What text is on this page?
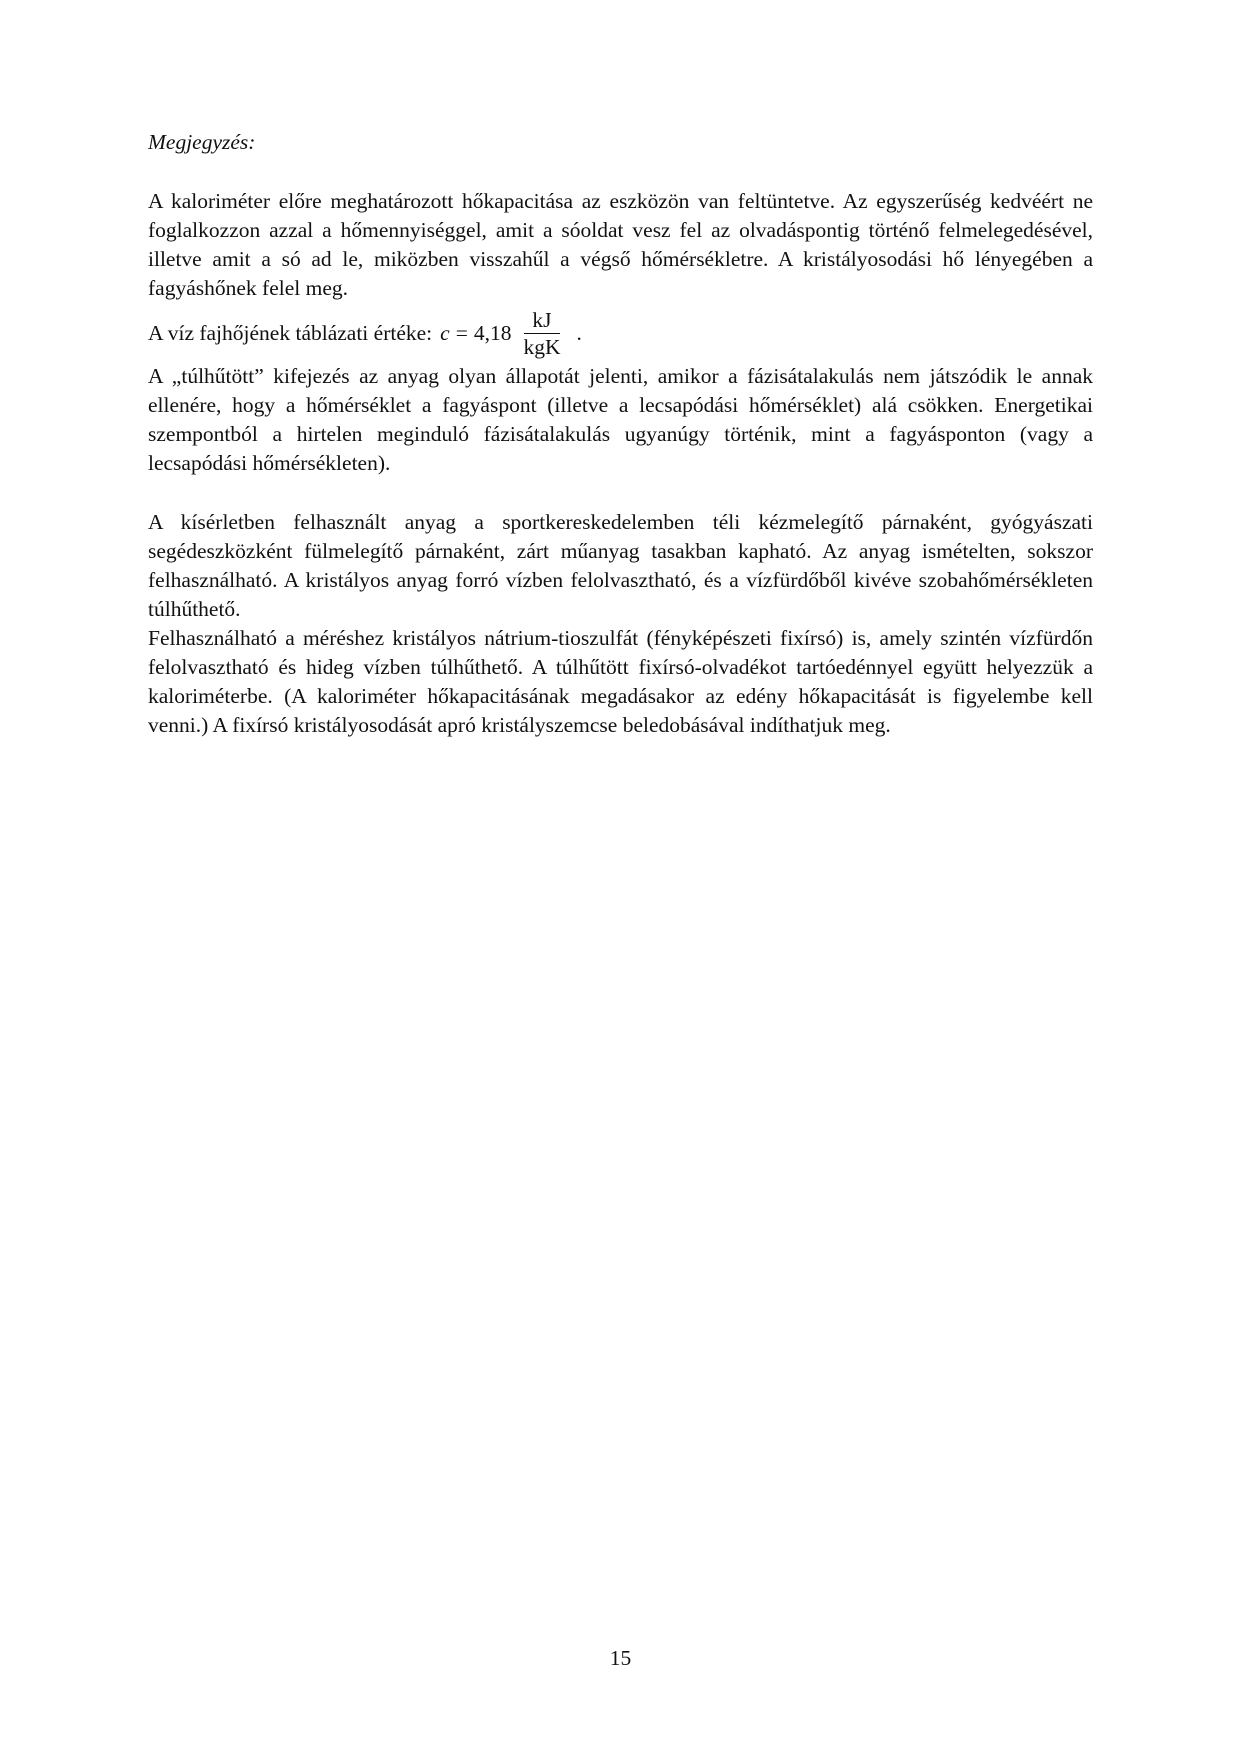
Megjegyzés:

A kaloriméter előre meghatározott hőkapacitása az eszközön van feltüntetve. Az egyszerűség kedvéért ne foglalkozzon azzal a hőmennyiséggel, amit a sóoldat vesz fel az olvadáspontig történő felmelegedésével, illetve amit a só ad le, miközben visszahűl a végső hőmérsékletre. A kristályosodási hő lényegében a fagyáshőnek felel meg.

A víz fajhőjének táblázati értéke: $c = 4,18 \frac{kJ}{\text{kgK}}$ .

A „túlhűtött” kifejezés az anyag olyan állapotát jelenti, amikor a fázisátalakulás nem játszódik le annak ellenére, hogy a hőmérséklet a fagyáspont (illetve a lecsapódási hőmérséklet) alá csökken. Energetikai szempontból a hirtelen meginduló fázisátalakulás ugyanúgy történik, mint a fagyásponton (vagy a lecsapódási hőmérsékleten).

A kísérletben felhasznált anyag a sportkereskedelemben téli kézmelegítő párnaként, gyógyászati segédeszközként fülmelegítő párnaként, zárt műanyag tasakban kapható. Az anyag ismételten, sokszor felhasználható. A kristályos anyag forró vízben felolvasztható, és a vízfürdőből kivéve szobahőmérsékleten túlhűthető.

Felhasználható a méréshez kristályos nátrium-tioszulfát (fényképészeti fixírsó) is, amely szintén vízfürdőn felolvasztható és hideg vízben túlhűthető. A túlhűtött fixírsó-olvadékot tartóedénnyel együtt helyezzük a kaloriméterbe. (A kaloriméter hőkapacitásának megadásakor az edény hőkapacitását is figyelembe kell venni.) A fixírsó kristályosodását apró kristályszemcse beledobásával indíthatjuk meg.

15
